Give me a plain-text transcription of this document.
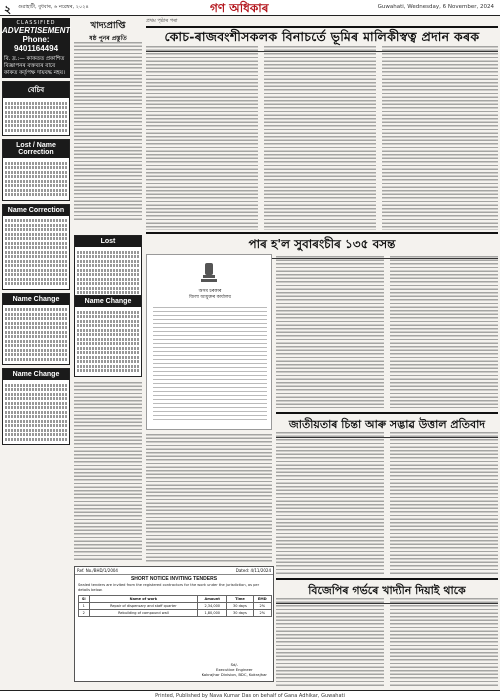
২ গুৱাহাটী, বুধবাৰ, ৬ নৱেম্বৰ, ২০২৪	গণ অধিকাৰ	Guwahati, Wednesday, 6 November, 2024
CLASSIFIED
ADVERTISEMENT
Phone: 9401164494
বি. দ্ৰ.:— কাকতত প্ৰকাশিত বিজ্ঞাপনৰ বক্তব্যৰ বাবে কাকত কৰ্তৃপক্ষ দায়বদ্ধ নহয়।
বেচিব
Lost / Name Correction
Name Correction
Name Change
Name Change
খাদ্যপ্ৰাপ্তি
ষষ্ঠ পুনৰ প্ৰস্তুতি
Lost
Name Change
প্ৰথম পৃষ্ঠাৰ পৰা
কোচ-ৰাজবংশীসকলক বিনাচৰ্তে ভূমিৰ মালিকীস্বত্ব প্ৰদান কৰক
পাৰ হ'ল সুবাৰংচীৰ ১৩৫ বসন্ত
অসম চৰকাৰ
জিলা আয়ুক্তৰ কাৰ্যালয়
জাতীয়তাৰ চিন্তা আৰু সদ্ভাৱ উত্তাল প্ৰতিবাদ
Ref. No./BHD/1/2004	Dated: 4/11/2024
SHORT NOTICE INVITING TENDERS
Sealed tenders are invited from the registered contractors for the work under the jurisdiction, as per details below.
Sl	Name of work	Amount	Time	EMD
1	Repair of dispensary and staff quarter	2,34,000	30 days	2%
2	Rebuilding of compound wall	1,80,000	30 days	2%
Sd/-
Executive Engineer
Kokrajhar Division, BDC, Kokrajhar
বিজেপিৰ গৰ্ভৰে খাদ্যীন দিয়াই থাকে
Printed, Published by Nava Kumar Das on behalf of Gana Adhikar, Guwahati
